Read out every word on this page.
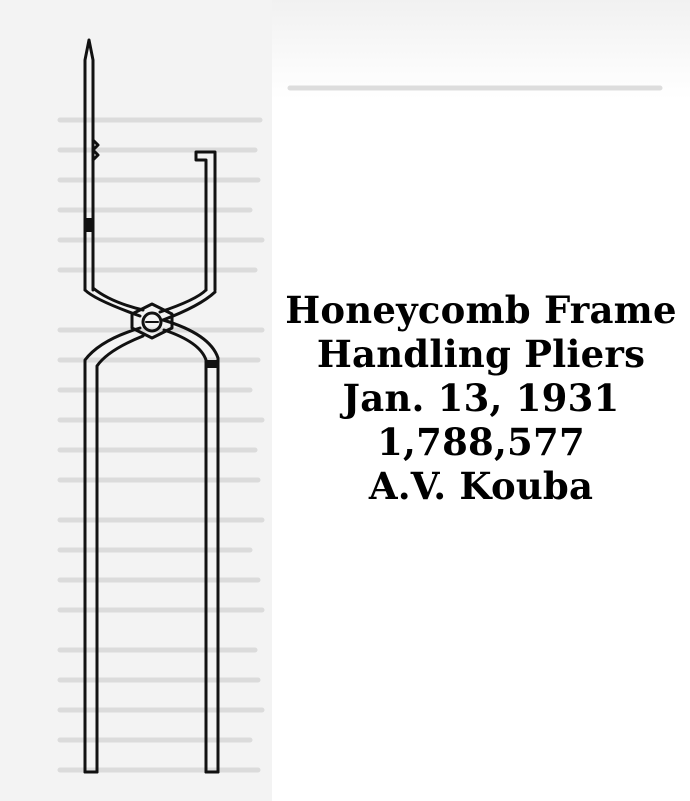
Honeycomb Frame
Handling Pliers
Jan. 13, 1931
1,788,577
A.V. Kouba
